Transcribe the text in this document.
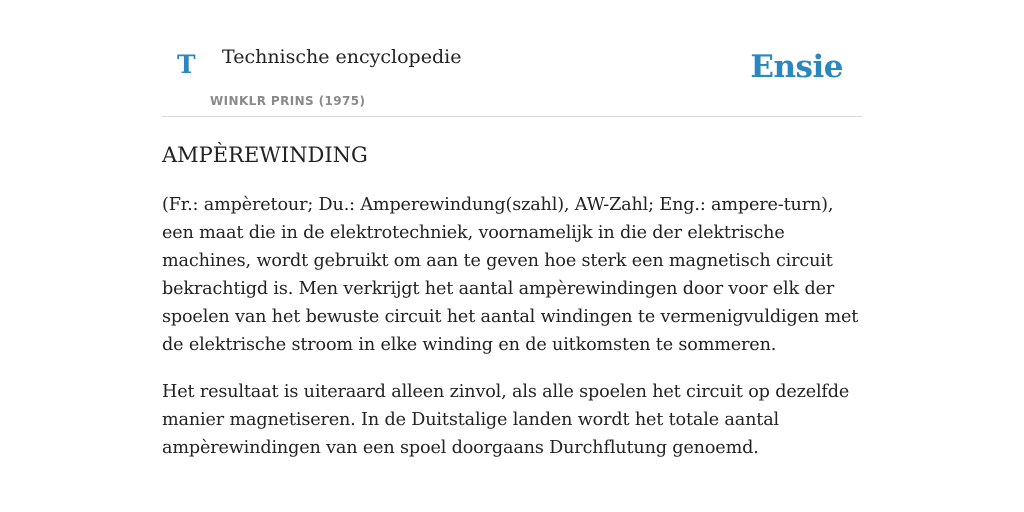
T Technische encyclopedie
WINKLR PRINS (1975)
Ensie
AMPÈREWINDING

(Fr.: ampèretour; Du.: Amperewindung(szahl), AW-Zahl; Eng.: ampere-turn), een maat die in de elektrotechniek, voornamelijk in die der elektrische machines, wordt gebruikt om aan te geven hoe sterk een magnetisch circuit bekrachtigd is. Men verkrijgt het aantal ampèrewindingen door voor elk der spoelen van het bewuste circuit het aantal windingen te vermenigvuldigen met de elektrische stroom in elke winding en de uitkomsten te sommeren.

Het resultaat is uiteraard alleen zinvol, als alle spoelen het circuit op dezelfde manier magnetiseren. In de Duitstalige landen wordt het totale aantal ampèrewindingen van een spoel doorgaans Durchflutung genoemd.
